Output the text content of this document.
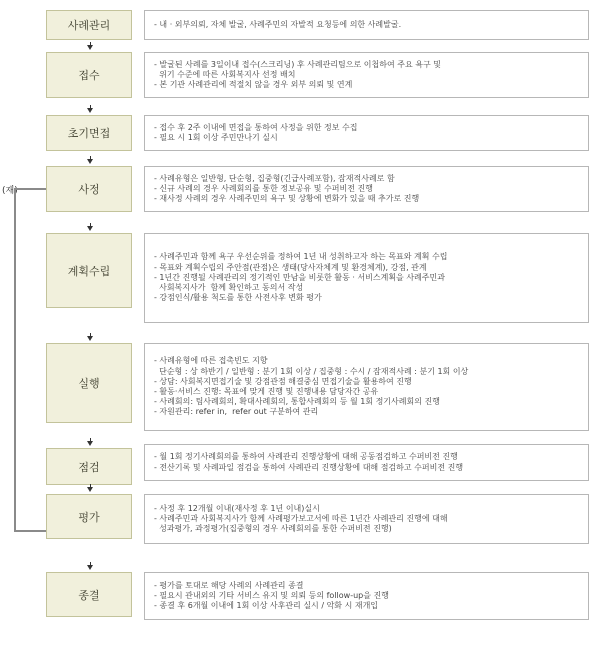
(재)
사례관리	- 내 · 외부의뢰, 자체 발굴, 사례주민의 자발적 요청등에 의한 사례발굴.
접수
- 발굴된 사례를 3일이내 접수(스크리닝) 후 사례관리팀으로 이첩하여 주요 욕구 및
위기 수준에 따른 사회복지사 선정 배치
- 본 기관 사례관리에 적절치 않을 경우 외부 의뢰 및 연계
초기면접	- 접수 후 2주 이내에 면접을 통하여 사정을 위한 정보 수집
- 필요 시 1회 이상 주민만나기 실시
사정
- 사례유형은 일반형, 단순형, 집중형(긴급사례포함), 잠재적사례로 함
- 신규 사례의 경우 사례회의를 통한 정보공유 및 수퍼비전 진행
- 재사정 사례의 경우 사례주민의 욕구 및 상황에 변화가 있을 때 추가로 진행
계획수립
- 사례주민과 함께 욕구 우선순위를 정하여 1년 내 성취하고자 하는 목표와 계획 수립
- 목표와 계획수립의 주안점(관점)은 생태(당사자체계 및 환경체계), 강점, 관계
- 1년간 진행될 사례관리의 정기적인 만남을 비롯한 활동 · 서비스계획을 사례주민과
사회복지사가  함께 확인하고 동의서 작성
- 강점인식/활용 척도를 통한 사전사후 변화 평가
실행
- 사례유형에 따른 접촉빈도 지향
단순형 : 상 하반기 / 일반형 : 분기 1회 이상 / 집중형 : 수시 / 잠재적사례 : 분기 1회 이상
- 상담: 사회복지면접기술 및 강점관점 해결중심 면접기술을 활용하여 진행
- 활동·서비스 진행: 목표에 맞게 진행 및 진행내용 담당자간 공유
- 사례회의: 팀사례회의, 확대사례회의, 통합사례회의 등 월 1회 정기사례회의 진행
- 자원관리: refer in,  refer out 구분하여 관리
점검
- 월 1회 정기사례회의를 통하여 사례관리 진행상황에 대해 공동점검하고 수퍼비전 진행
- 전산기록 및 사례파일 점검을 통하여 사례관리 진행상황에 대해 점검하고 수퍼비전 진행
평가
- 사정 후 12개월 이내(재사정 후 1년 이내)실시
- 사례주민과 사회복지사가 함께 사례평가보고서에 따른 1년간 사례관리 진행에 대해
성과평가, 과정평가(집중형의 경우 사례회의를 통한 수퍼비전 진행)
종결
- 평가를 토대로 해당 사례의 사례관리 종결
- 필요시 관내외의 기타 서비스 유지 및 의뢰 등의 follow-up을 진행
- 종결 후 6개월 이내에 1회 이상 사후관리 실시 / 악화 시 재개입
